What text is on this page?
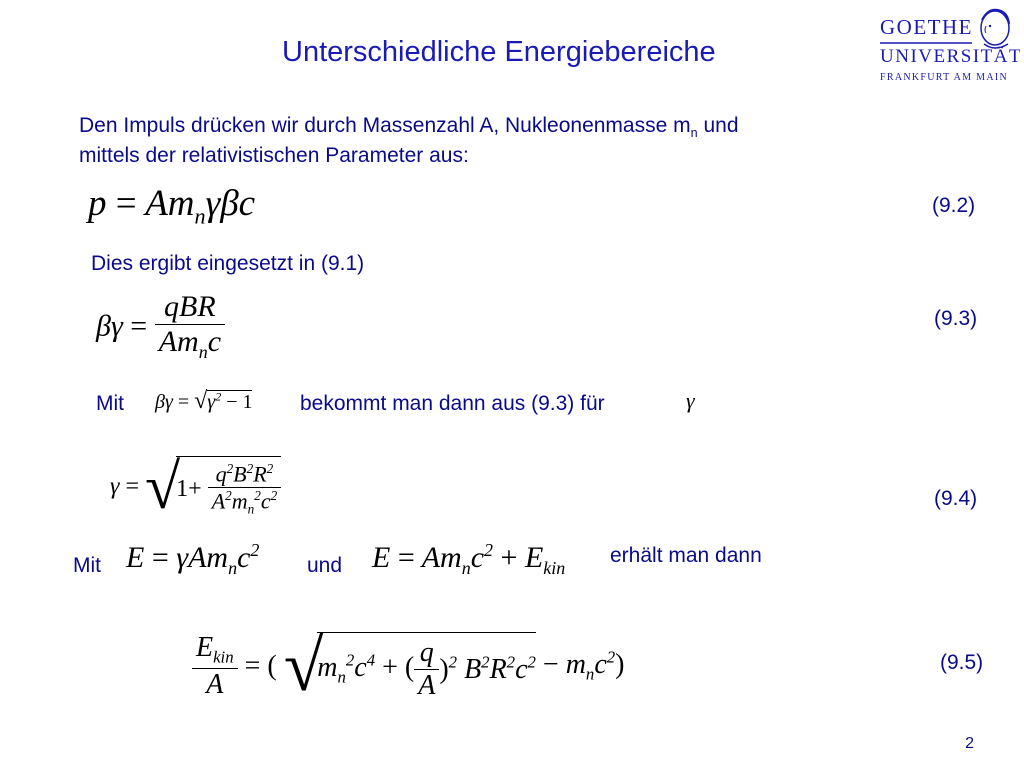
Unterschiedliche Energiebereiche
GOETHE
UNIVERSITÄT
FRANKFURT AM MAIN
Den Impuls drücken wir durch Massenzahl A, Nukleonenmasse $m_n$ und
mittels der relativistischen Parameter aus:
$p = Am_n\gamma\beta c$	(9.2)
Dies ergibt eingesetzt in (9.1)
$\beta\gamma = \frac{\text{qBR}}{Am_nc}$	(9.3)
Mit $\beta\gamma = √\gamma^2 - 1$ bekommt man dann aus (9.3) für	γ
$\gamma = √1+ \frac{q^2B^2R^2}{A^2m_n^2c^2}$	(9.4)
Mit $E = \gamma Am_nc^2$
und $E = Am_nc^2 + E_{kin}$
erhält man dann
$\frac{E_{kin}}{A}$ = ( $√m_n^2c^4$ + ( $\frac{q}{A} )^2$ $B^2R^2c^2 - m_nc^2$)	(9.5)
2
